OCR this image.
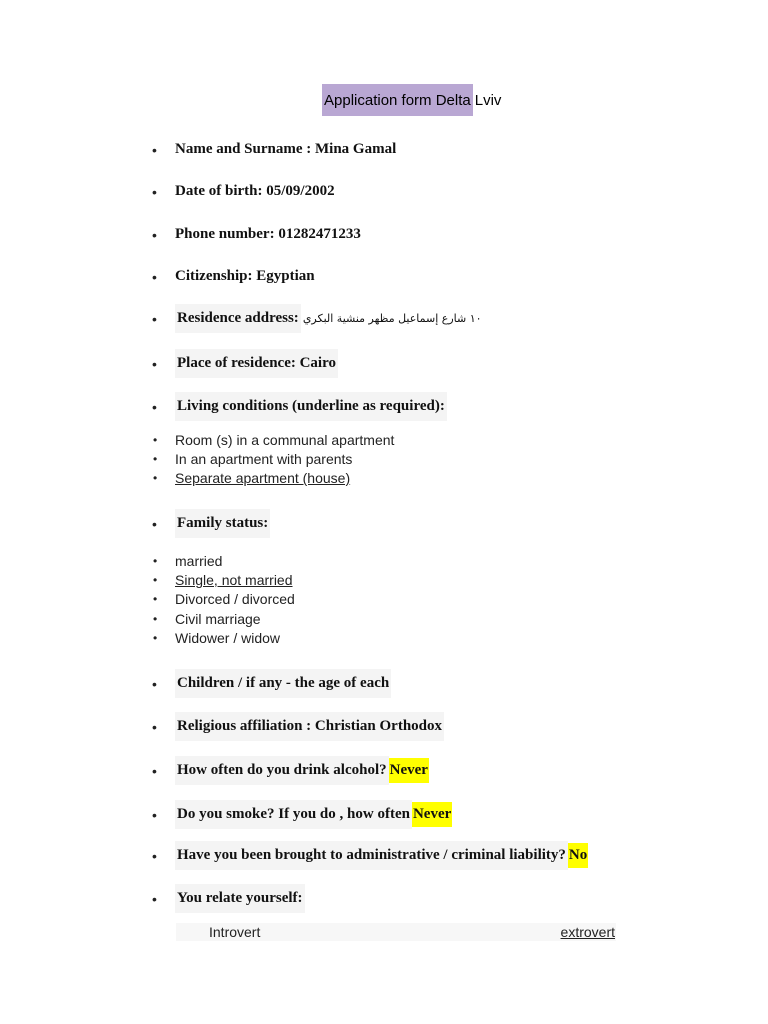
Application form Delta Lviv
•	Name and Surname : Mina Gamal
•	Date of birth: 05/09/2002
•	Phone number: 01282471233
•	Citizenship: Egyptian
•	Residence address: ١٠ شارع إسماعيل مظهر منشية البكري
•	Place of residence: Cairo
•	Living conditions (underline as required):
•	Room (s) in a communal apartment
•	In an apartment with parents
•	Separate apartment (house)
•	Family status:
•	married
•	Single, not married
•	Divorced / divorced
•	Civil marriage
•	Widower / widow
•	Children / if any - the age of each
•	Religious affiliation : Christian Orthodox
•	How often do you drink alcohol? Never
•	Do you smoke? If you do , how often Never
•	Have you been brought to administrative / criminal liability? No
•	You relate yourself:
Introvert	extrovert
